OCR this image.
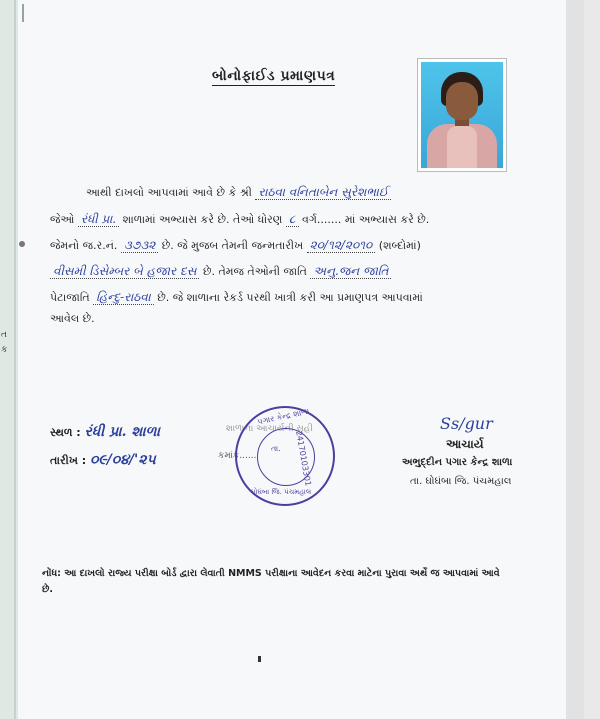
ત
ક
બોનોફાઈડ પ્રમાણપત્ર
આથી દાખલો આપવામાં આવે છે કે શ્રી રાઠવા વનિતાબેન સુરેશભાઈ
જેઓ રંધી પ્રા. શાળામાં અભ્યાસ કરે છે. તેઓ ધોરણ ૮ વર્ગ....... માં અભ્યાસ કરે છે.
જેમનો જ.ર.નં. ૩૭૩૨ છે. જે મુજબ તેમની જન્મતારીખ ૨૦/૧૨/૨૦૧૦ (શબ્દોમાં)
વીસમી ડિસેમ્બર બે હજાર દસ છે. તેમજ તેઓની જાતિ અનુ.જન જાતિ
પેટાજાતિ હિન્દુ-રાઠવા છે. જે શાળાના રેકર્ડ પરથી ખાત્રી કરી આ પ્રમાણપત્ર આપવામાં
આવેલ છે.
સ્થળ : રંધી પ્રા. શાળા
તારીખ : ૦૯/૦૪/'૨૫
શાળાના આચાર્યની સહી
કમાંક......
પગાર કેન્દ્ર શાળા
24170103301
તા.
ઘોઘંબા જિ. પંચમહાલ
Ss/gur
આચાર્ય
અભુદ્દીન પગાર કેન્દ્ર શાળા
તા. ઘોઘંબા જિ. પંચમહાલ
નોંધ: આ દાખલો રાજ્ય પરીક્ષા બોર્ડ દ્વારા લેવાતી NMMS પરીક્ષાના આવેદન કરવા માટેના પુરાવા અર્થે જ આપવામાં આવે છે.
